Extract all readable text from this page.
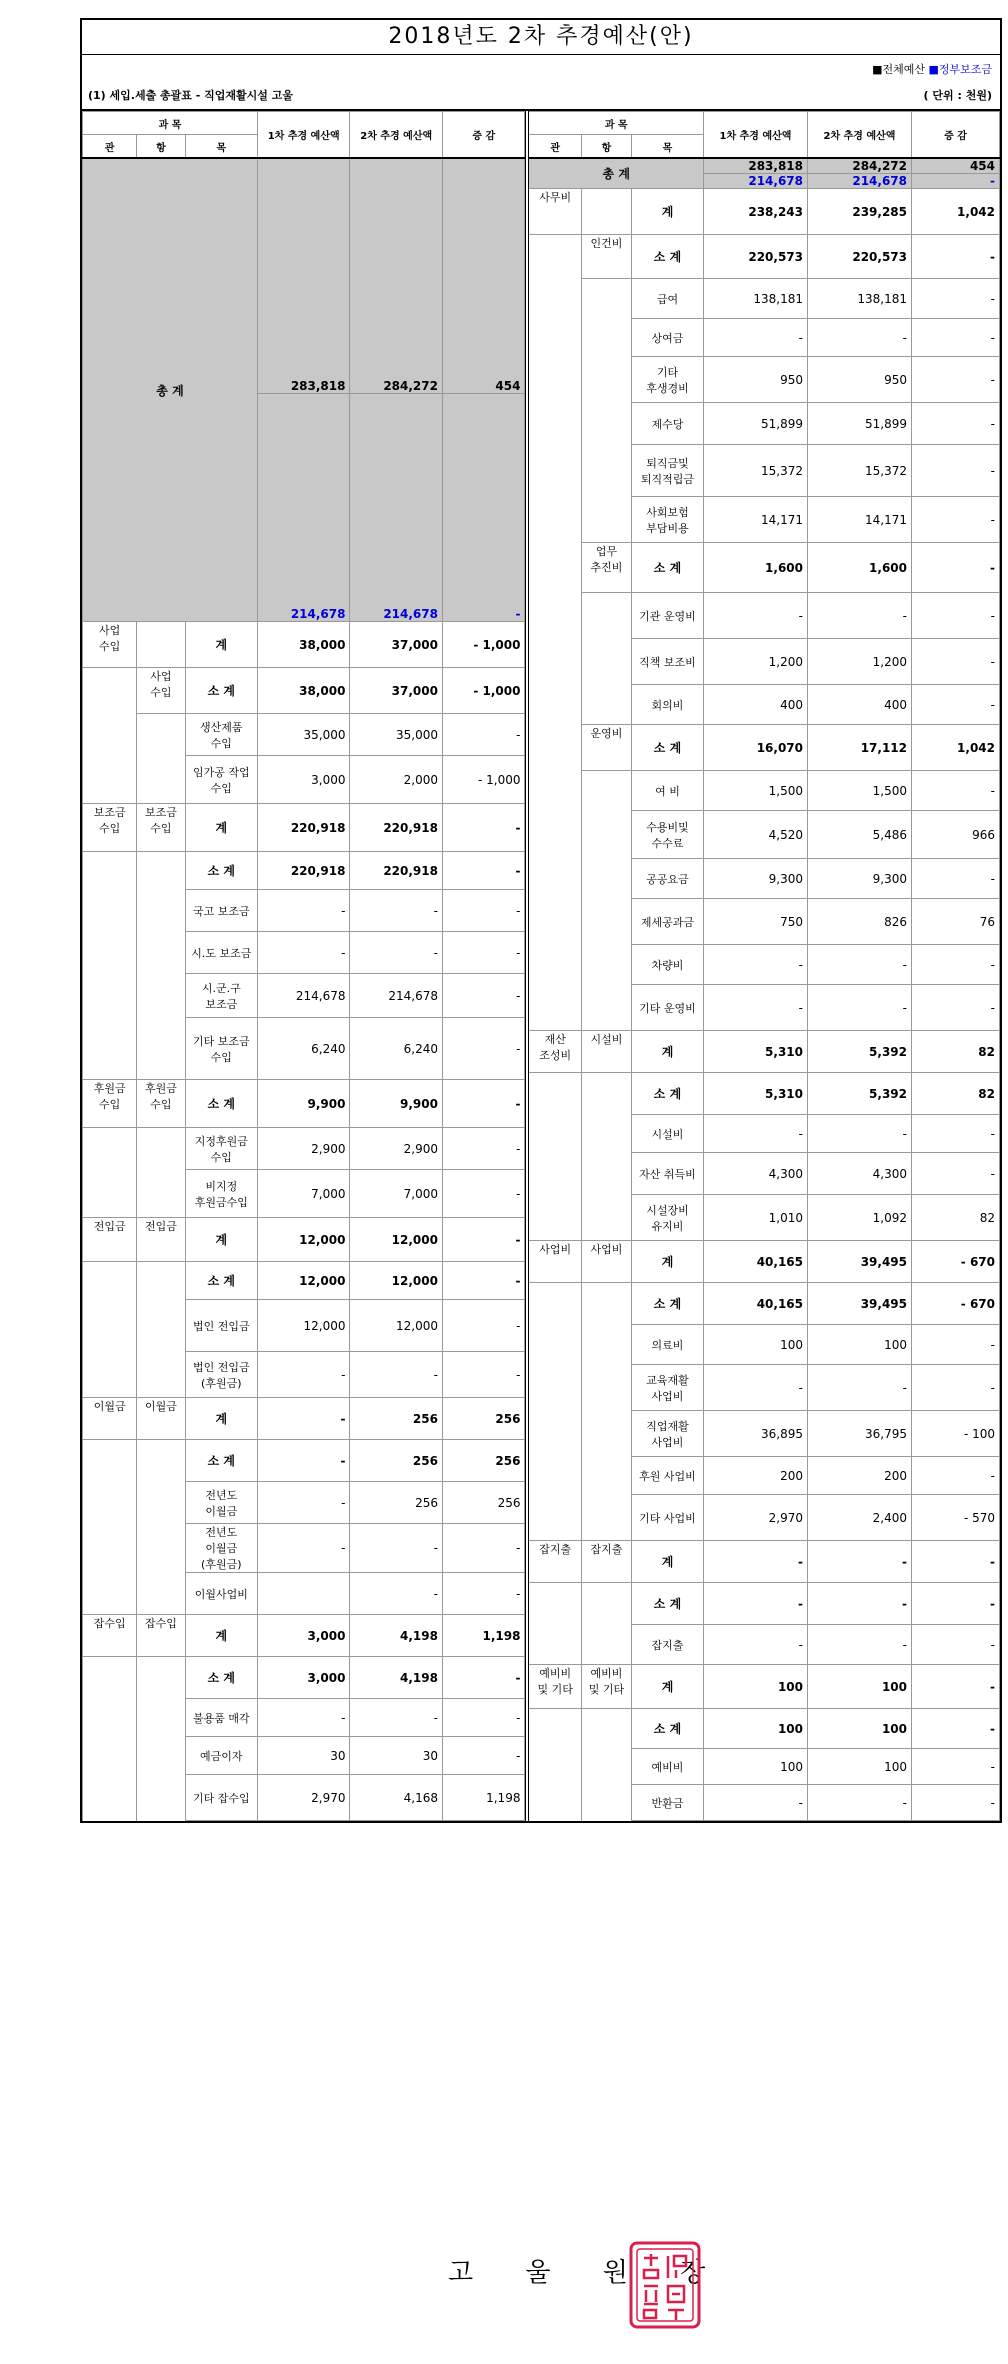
2018년도 2차 추경예산(안)
■전체예산 ■정부보조금
(1) 세입.세출 총괄표 - 직업재활시설 고울	( 단위 : 천원)
과 목			1차 추경 예산액	2차 추경 예산액	증 감
관	항	목			
총 계			283,818	284,272	454
			214,678	214,678	-
사업 수입		계	38,000	37,000	- 1,000
	사업 수입	소 계	38,000	37,000	- 1,000
		생산제품 수입	35,000	35,000	-
		임가공 작업 수입	3,000	2,000	- 1,000
보조금 수입	보조금 수입	계	220,918	220,918	-
		소 계	220,918	220,918	-
		국고 보조금	-	-	-
		시.도 보조금	-	-	-
		시.군.구 보조금	214,678	214,678	-
		기타 보조금 수입	6,240	6,240	-
후원금 수입	후원금 수입	소 계	9,900	9,900	-
		지정후원금 수입	2,900	2,900	-
		비지정 후원금수입	7,000	7,000	-
전입금	전입금	계	12,000	12,000	-
		소 계	12,000	12,000	-
		법인 전입금	12,000	12,000	-
		법인 전입금 (후원금)	-	-	-
이월금	이월금	계	-	256	256
		소 계	-	256	256
		전년도 이월금	-	256	256
		전년도 이월금 (후원금)	-	-	-
		이월사업비		-	-
잡수입	잡수입	계	3,000	4,198	1,198
		소 계	3,000	4,198	-
		불용품 매각	-	-	-
		예금이자	30	30	-
		기타 잡수입	2,970	4,168	1,198
과 목			1차 추경 예산액	2차 추경 예산액	증 감
관	항	목			
총 계			283,818	284,272	454
			214,678	214,678	-
사무비		계	238,243	239,285	1,042
	인건비	소 계	220,573	220,573	-
		급여	138,181	138,181	-
		상여금	-	-	-
		기타 후생경비	950	950	-
		제수당	51,899	51,899	-
		퇴직금및 퇴직적립금	15,372	15,372	-
		사회보험 부담비용	14,171	14,171	-
	업무 추진비	소 계	1,600	1,600	-
		기관 운영비	-	-	-
		직책 보조비	1,200	1,200	-
		회의비	400	400	-
	운영비	소 계	16,070	17,112	1,042
		여 비	1,500	1,500	-
		수용비및 수수료	4,520	5,486	966
		공공요금	9,300	9,300	-
		제세공과금	750	826	76
		차량비	-	-	-
		기타 운영비	-	-	-
재산 조성비	시설비	계	5,310	5,392	82
		소 계	5,310	5,392	82
		시설비	-	-	-
		자산 취득비	4,300	4,300	-
		시설장비 유지비	1,010	1,092	82
사업비	사업비	계	40,165	39,495	- 670
		소 계	40,165	39,495	- 670
		의료비	100	100	-
		교육재활 사업비	-	-	-
		직업재활 사업비	36,895	36,795	- 100
		후원 사업비	200	200	-
		기타 사업비	2,970	2,400	- 570
잡지출	잡지출	계	-	-	-
		소 계	-	-	-
		잡지출	-	-	-
예비비 및 기타	예비비 및 기타	계	100	100	-
		소 계	100	100	-
		예비비	100	100	-
		반환금	-	-	-
고 울 원 장
